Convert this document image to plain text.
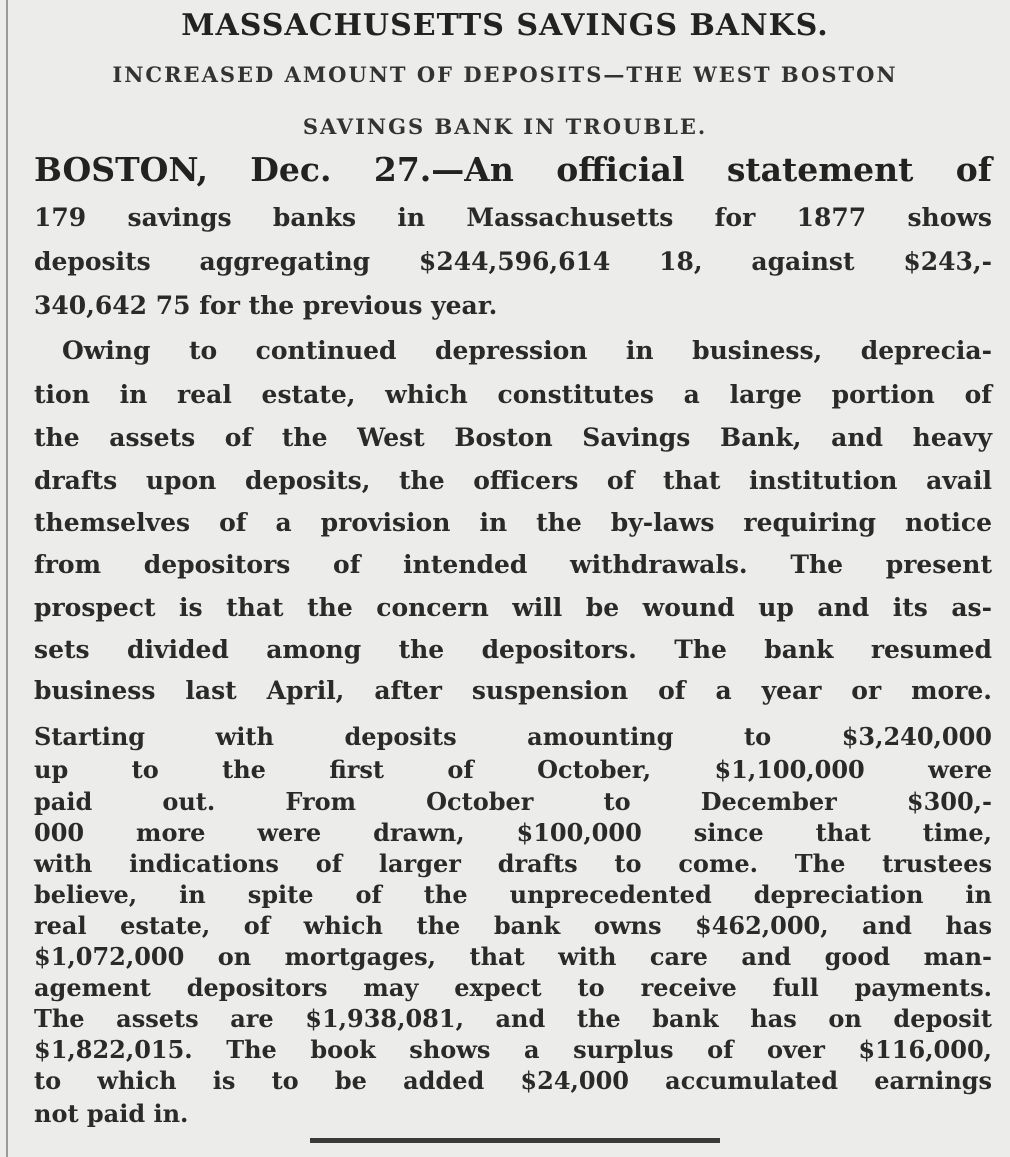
MASSACHUSETTS SAVINGS BANKS.
INCREASED AMOUNT OF DEPOSITS—THE WEST BOSTON
SAVINGS BANK IN TROUBLE.
BOSTON, Dec. 27.—An official statement of
179 savings banks in Massachusetts for 1877 shows
deposits aggregating $244,596,614 18, against $243,-
340,642 75 for the previous year.
Owing to continued depression in business, deprecia-
tion in real estate, which constitutes a large portion of
the assets of the West Boston Savings Bank, and heavy
drafts upon deposits, the officers of that institution avail
themselves of a provision in the by-laws requiring notice
from depositors of intended withdrawals. The present
prospect is that the concern will be wound up and its as-
sets divided among the depositors. The bank resumed
business last April, after suspension of a year or more.
Starting with deposits amounting to $3,240,000
up to the first of October, $1,100,000 were
paid out. From October to December $300,-
000 more were drawn, $100,000 since that time,
with indications of larger drafts to come. The trustees
believe, in spite of the unprecedented depreciation in
real estate, of which the bank owns $462,000, and has
$1,072,000 on mortgages, that with care and good man-
agement depositors may expect to receive full payments.
The assets are $1,938,081, and the bank has on deposit
$1,822,015. The book shows a surplus of over $116,000,
to which is to be added $24,000 accumulated earnings
not paid in.
